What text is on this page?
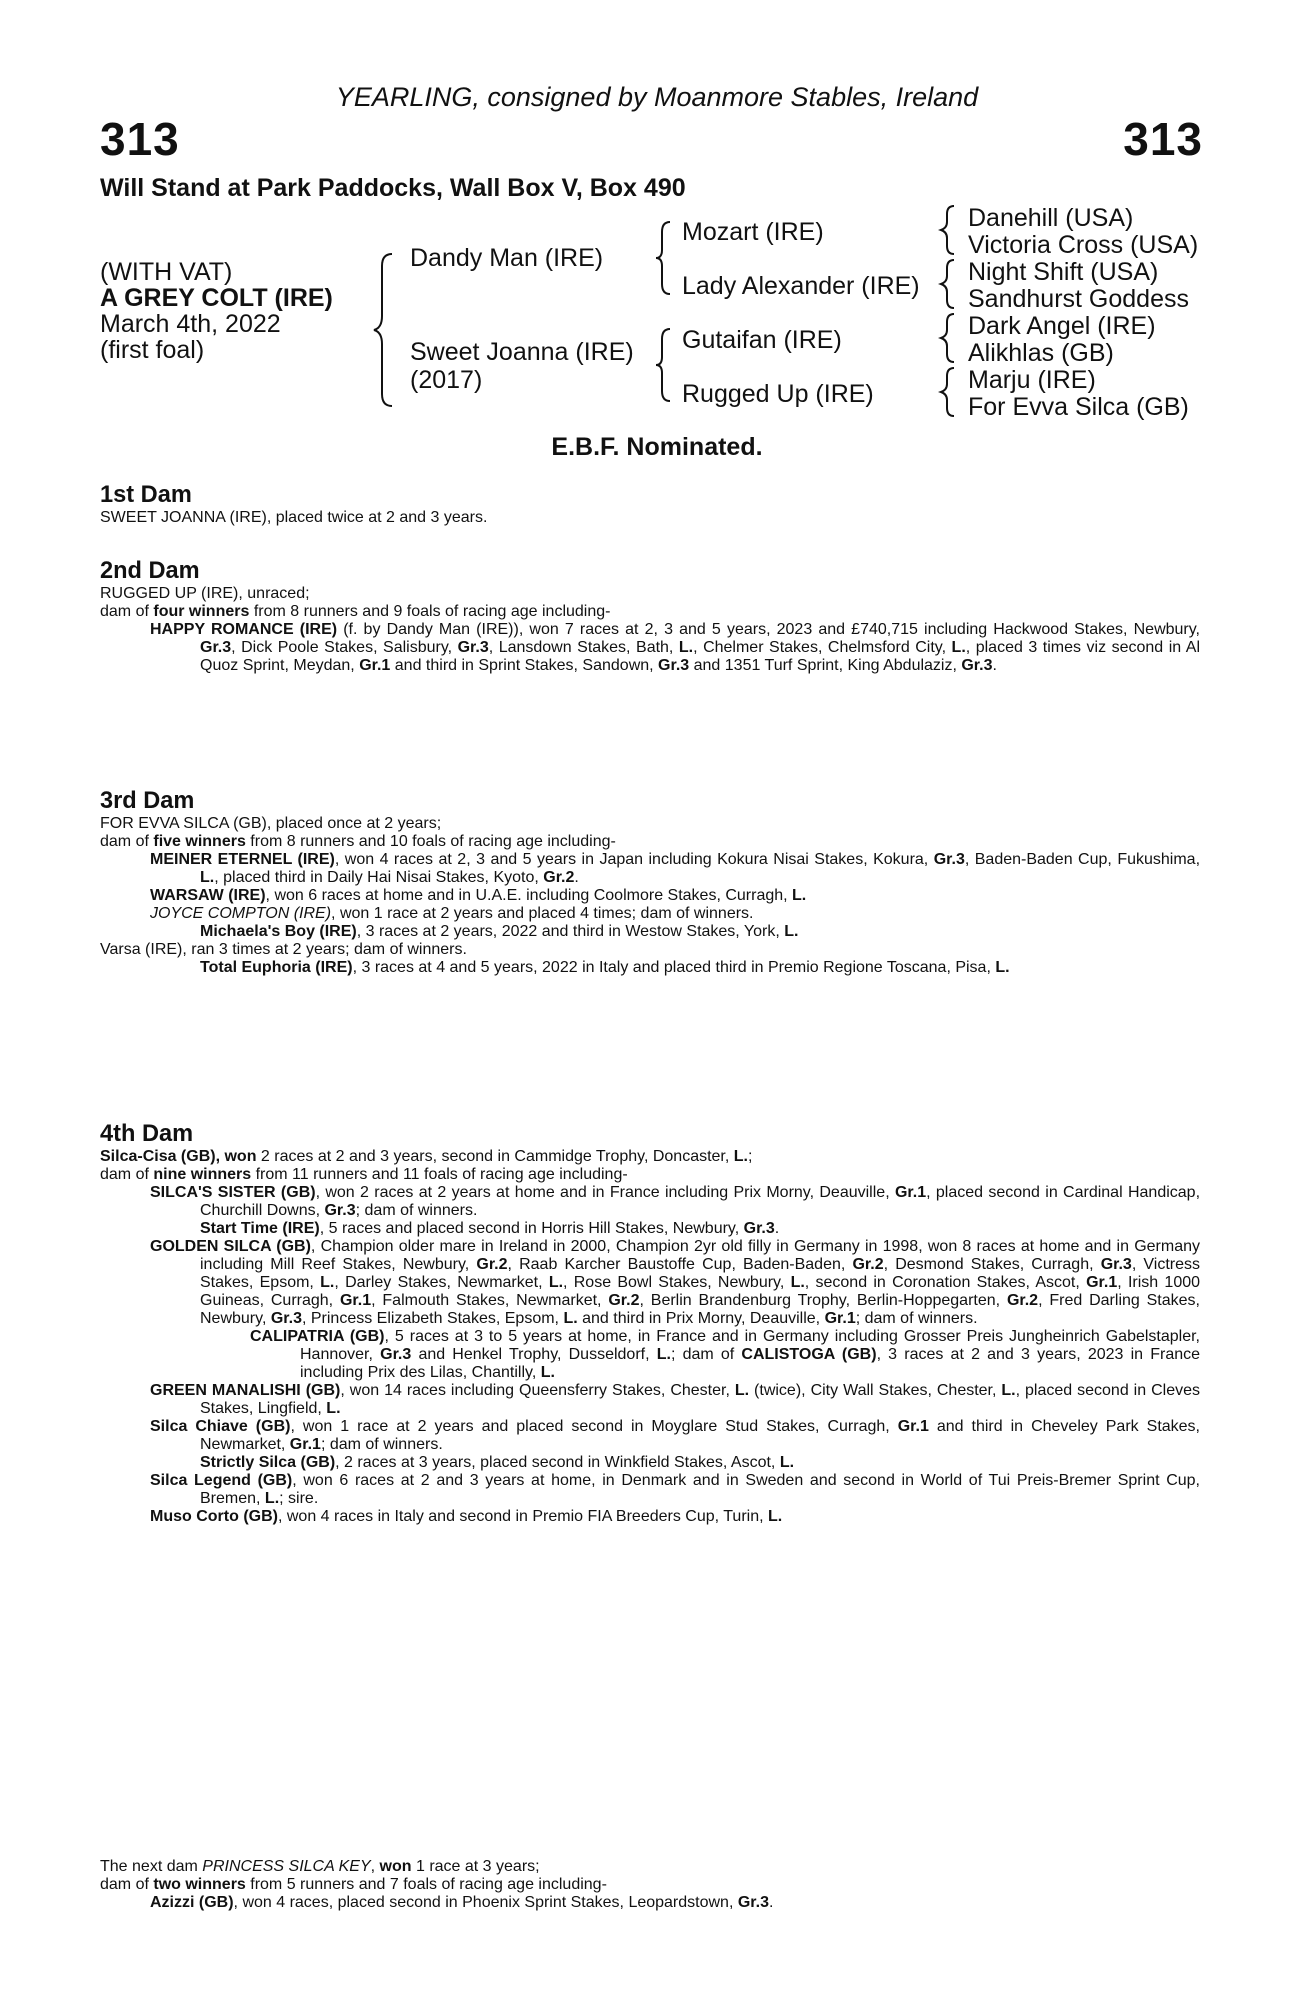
YEARLING, consigned by Moanmore Stables, Ireland
313	313
Will Stand at Park Paddocks, Wall Box V, Box 490
(WITH VAT)
A GREY COLT (IRE)
March 4th, 2022
(first foal)
Dandy Man (IRE)
Sweet Joanna (IRE)
(2017)
Mozart (IRE)
Lady Alexander (IRE)
Gutaifan (IRE)
Rugged Up (IRE)
Danehill (USA)
Victoria Cross (USA)
Night Shift (USA)
Sandhurst Goddess
Dark Angel (IRE)
Alikhlas (GB)
Marju (IRE)
For Evva Silca (GB)
E.B.F. Nominated.
1st Dam

SWEET JOANNA (IRE), placed twice at 2 and 3 years.

2nd Dam

RUGGED UP (IRE), unraced;

dam of four winners from 8 runners and 9 foals of racing age including-

HAPPY ROMANCE (IRE) (f. by Dandy Man (IRE)), won 7 races at 2, 3 and 5 years, 2023 and £740,715 including Hackwood Stakes, Newbury, Gr.3, Dick Poole Stakes, Salisbury, Gr.3, Lansdown Stakes, Bath, L., Chelmer Stakes, Chelmsford City, L., placed 3 times viz second in Al Quoz Sprint, Meydan, Gr.1 and third in Sprint Stakes, Sandown, Gr.3 and 1351 Turf Sprint, King Abdulaziz, Gr.3.

3rd Dam

FOR EVVA SILCA (GB), placed once at 2 years;

dam of five winners from 8 runners and 10 foals of racing age including-

MEINER ETERNEL (IRE), won 4 races at 2, 3 and 5 years in Japan including Kokura Nisai Stakes, Kokura, Gr.3, Baden-Baden Cup, Fukushima, L., placed third in Daily Hai Nisai Stakes, Kyoto, Gr.2.

WARSAW (IRE), won 6 races at home and in U.A.E. including Coolmore Stakes, Curragh, L.

JOYCE COMPTON (IRE), won 1 race at 2 years and placed 4 times; dam of winners.

Michaela's Boy (IRE), 3 races at 2 years, 2022 and third in Westow Stakes, York, L.

Varsa (IRE), ran 3 times at 2 years; dam of winners.

Total Euphoria (IRE), 3 races at 4 and 5 years, 2022 in Italy and placed third in Premio Regione Toscana, Pisa, L.

4th Dam

Silca-Cisa (GB), won 2 races at 2 and 3 years, second in Cammidge Trophy, Doncaster, L.;

dam of nine winners from 11 runners and 11 foals of racing age including-

SILCA'S SISTER (GB), won 2 races at 2 years at home and in France including Prix Morny, Deauville, Gr.1, placed second in Cardinal Handicap, Churchill Downs, Gr.3; dam of winners.

Start Time (IRE), 5 races and placed second in Horris Hill Stakes, Newbury, Gr.3.

GOLDEN SILCA (GB), Champion older mare in Ireland in 2000, Champion 2yr old filly in Germany in 1998, won 8 races at home and in Germany including Mill Reef Stakes, Newbury, Gr.2, Raab Karcher Baustoffe Cup, Baden-Baden, Gr.2, Desmond Stakes, Curragh, Gr.3, Victress Stakes, Epsom, L., Darley Stakes, Newmarket, L., Rose Bowl Stakes, Newbury, L., second in Coronation Stakes, Ascot, Gr.1, Irish 1000 Guineas, Curragh, Gr.1, Falmouth Stakes, Newmarket, Gr.2, Berlin Brandenburg Trophy, Berlin-Hoppegarten, Gr.2, Fred Darling Stakes, Newbury, Gr.3, Princess Elizabeth Stakes, Epsom, L. and third in Prix Morny, Deauville, Gr.1; dam of winners.

CALIPATRIA (GB), 5 races at 3 to 5 years at home, in France and in Germany including Grosser Preis Jungheinrich Gabelstapler, Hannover, Gr.3 and Henkel Trophy, Dusseldorf, L.; dam of CALISTOGA (GB), 3 races at 2 and 3 years, 2023 in France including Prix des Lilas, Chantilly, L.

GREEN MANALISHI (GB), won 14 races including Queensferry Stakes, Chester, L. (twice), City Wall Stakes, Chester, L., placed second in Cleves Stakes, Lingfield, L.

Silca Chiave (GB), won 1 race at 2 years and placed second in Moyglare Stud Stakes, Curragh, Gr.1 and third in Cheveley Park Stakes, Newmarket, Gr.1; dam of winners.

Strictly Silca (GB), 2 races at 3 years, placed second in Winkfield Stakes, Ascot, L.

Silca Legend (GB), won 6 races at 2 and 3 years at home, in Denmark and in Sweden and second in World of Tui Preis-Bremer Sprint Cup, Bremen, L.; sire.

Muso Corto (GB), won 4 races in Italy and second in Premio FIA Breeders Cup, Turin, L.

The next dam PRINCESS SILCA KEY, won 1 race at 3 years;

dam of two winners from 5 runners and 7 foals of racing age including-

Azizzi (GB), won 4 races, placed second in Phoenix Sprint Stakes, Leopardstown, Gr.3.
